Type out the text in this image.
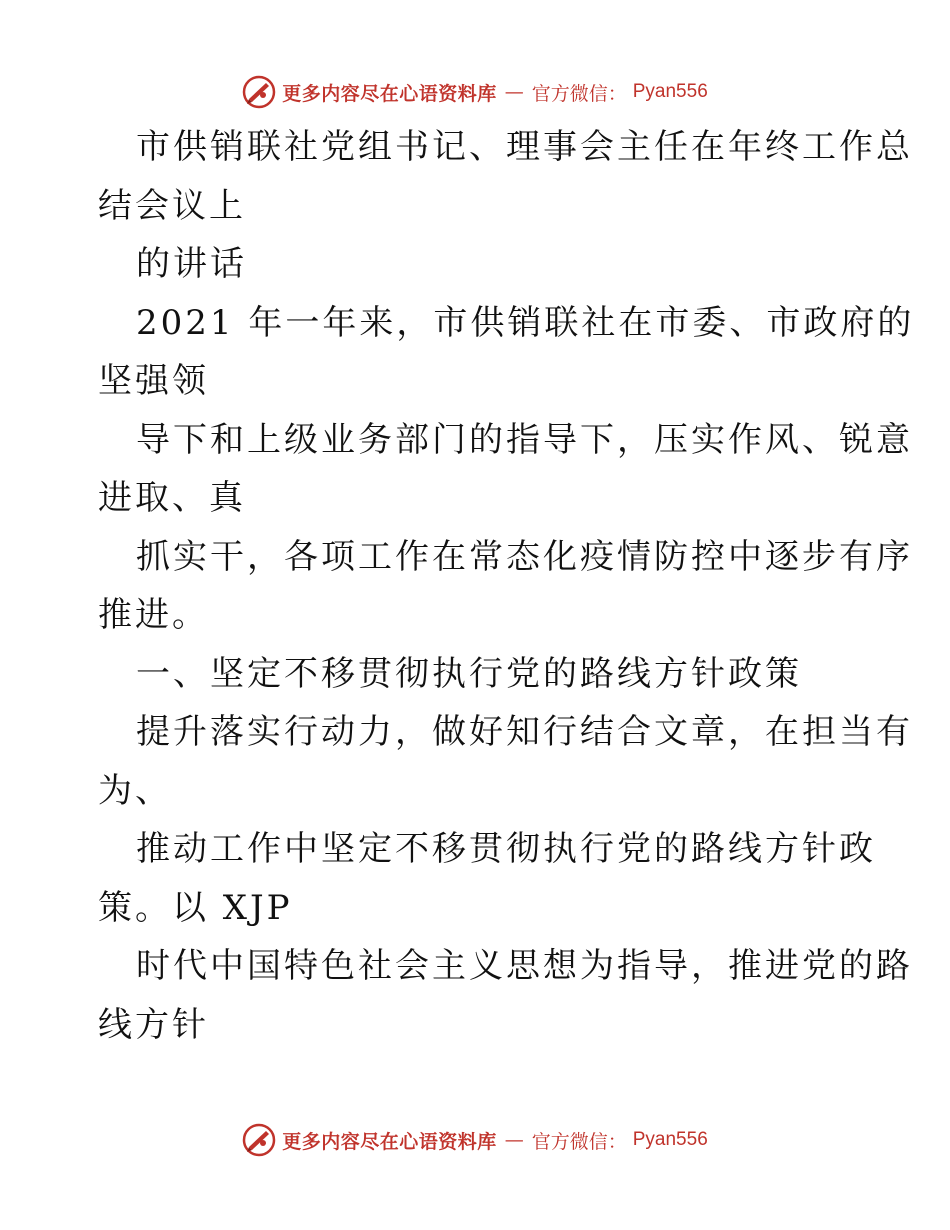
更多内容尽在心语资料库 — 官方微信： Pyan556
市供销联社党组书记、理事会主任在年终工作总
结会议上
的讲话
2021 年一年来，市供销联社在市委、市政府的
坚强领
导下和上级业务部门的指导下，压实作风、锐意
进取、真
抓实干，各项工作在常态化疫情防控中逐步有序
推进。
一、坚定不移贯彻执行党的路线方针政策
提升落实行动力，做好知行结合文章，在担当有
为、
推动工作中坚定不移贯彻执行党的路线方针政
策。以 XJP
时代中国特色社会主义思想为指导，推进党的路
线方针
更多内容尽在心语资料库 — 官方微信： Pyan556
